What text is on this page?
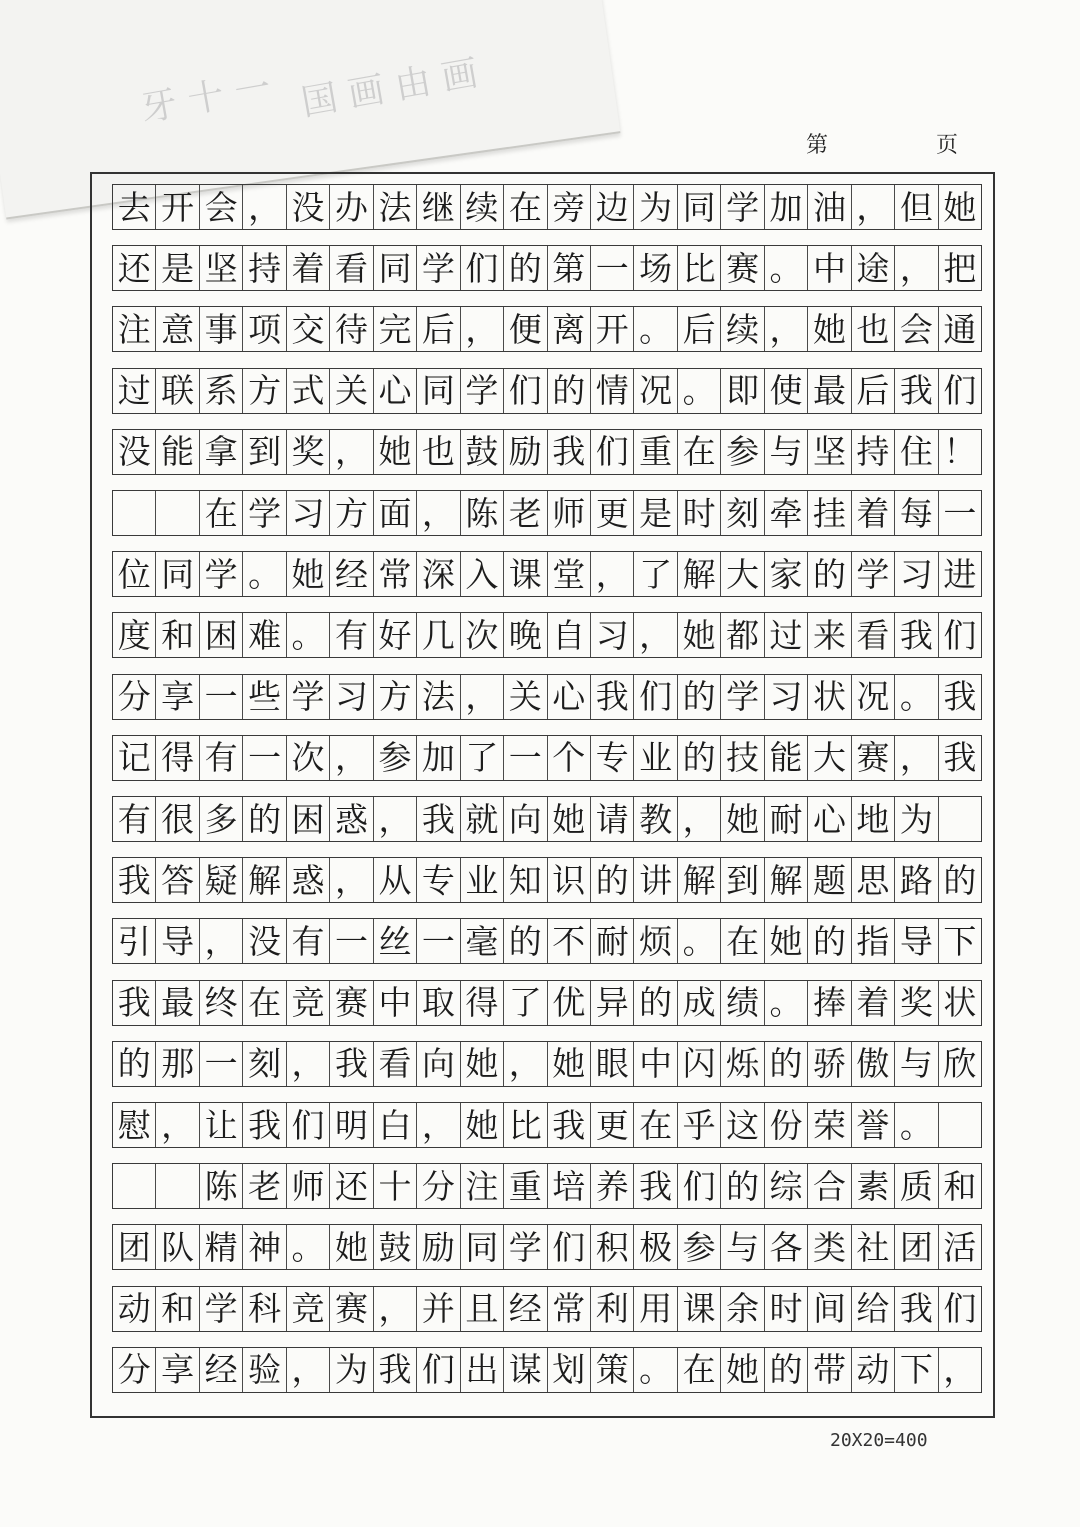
牙 十 一 国 画 由 画
第	页
去 开 会 ， 没 办 法 继 续 在 旁 边 为 同 学 加 油 ， 但 她
还 是 坚 持 着 看 同 学 们 的 第 一 场 比 赛 。 中 途 ， 把
注 意 事 项 交 待 完 后 ， 便 离 开 。 后 续 ， 她 也 会 通
过 联 系 方 式 关 心 同 学 们 的 情 况 。 即 使 最 后 我 们
没 能 拿 到 奖 ， 她 也 鼓 励 我 们 重 在 参 与 坚 持 住 ！
在 学 习 方 面 ， 陈 老 师 更 是 时 刻 牵 挂 着 每 一
位 同 学 。 她 经 常 深 入 课 堂 ， 了 解 大 家 的 学 习 进
度 和 困 难 。 有 好 几 次 晚 自 习 ， 她 都 过 来 看 我 们
分 享 一 些 学 习 方 法 ， 关 心 我 们 的 学 习 状 况 。 我
记 得 有 一 次 ， 参 加 了 一 个 专 业 的 技 能 大 赛 ， 我
有 很 多 的 困 惑 ， 我 就 向 她 请 教 ， 她 耐 心 地 为
我 答 疑 解 惑 ， 从 专 业 知 识 的 讲 解 到 解 题 思 路 的
引 导 ， 没 有 一 丝 一 毫 的 不 耐 烦 。 在 她 的 指 导 下
我 最 终 在 竞 赛 中 取 得 了 优 异 的 成 绩 。 捧 着 奖 状
的 那 一 刻 ， 我 看 向 她 ， 她 眼 中 闪 烁 的 骄 傲 与 欣
慰 ， 让 我 们 明 白 ， 她 比 我 更 在 乎 这 份 荣 誉 。
陈 老 师 还 十 分 注 重 培 养 我 们 的 综 合 素 质 和
团 队 精 神 。 她 鼓 励 同 学 们 积 极 参 与 各 类 社 团 活
动 和 学 科 竞 赛 ， 并 且 经 常 利 用 课 余 时 间 给 我 们
分 享 经 验 ， 为 我 们 出 谋 划 策 。 在 她 的 带 动 下 ，
20X20=400
